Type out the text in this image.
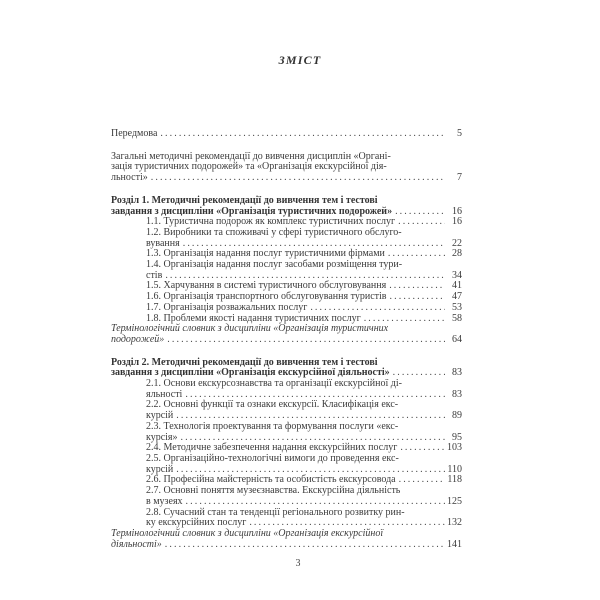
ЗМІСТ
Передмова .....	5
Загальні методичні рекомендації до вивчення дисциплін «Органі-
зація туристичних подорожей» та «Організація екскурсійної дія-
льності» .....	7
Розділ 1. Методичні рекомендації до вивчення тем і тестові
завдання з дисципліни «Організація туристичних подорожей» .....	16
1.1. Туристична подорож як комплекс туристичних послуг .....	16
1.2. Виробники та споживачі у сфері туристичного обслуго-
вування .....	22
1.3. Організація надання послуг туристичними фірмами .....	28
1.4. Організація надання послуг засобами розміщення тури-
стів .....	34
1.5. Харчування в системі туристичного обслуговування .....	41
1.6. Організація транспортного обслуговування туристів .....	47
1.7. Організація розважальних послуг .....	53
1.8. Проблеми якості надання туристичних послуг .....	58
Термінологічний словник з дисципліни «Організація туристичних
подорожей» .....	64
Розділ 2. Методичні рекомендації до вивчення тем і тестові
завдання з дисципліни «Організація екскурсійної діяльності» .....	83
2.1. Основи екскурсознавства та організації екскурсійної ді-
яльності .....	83
2.2. Основні функції та ознаки екскурсії. Класифікація екс-
курсій .....	89
2.3. Технологія проектування та формування послуги «екс-
курсія» .....	95
2.4. Методичне забезпечення надання екскурсійних послуг .....	103
2.5. Організаційно-технологічні вимоги до проведення екс-
курсій .....	110
2.6. Професійна майстерність та особистість екскурсовода .....	118
2.7. Основні поняття музеєзнавства. Екскурсійна діяльність
в музеях .....	125
2.8. Сучасний стан та тенденції регіонального розвитку рин-
ку екскурсійних послуг .....	132
Термінологічний словник з дисципліни «Організація екскурсійної
діяльності» .....	141
3
